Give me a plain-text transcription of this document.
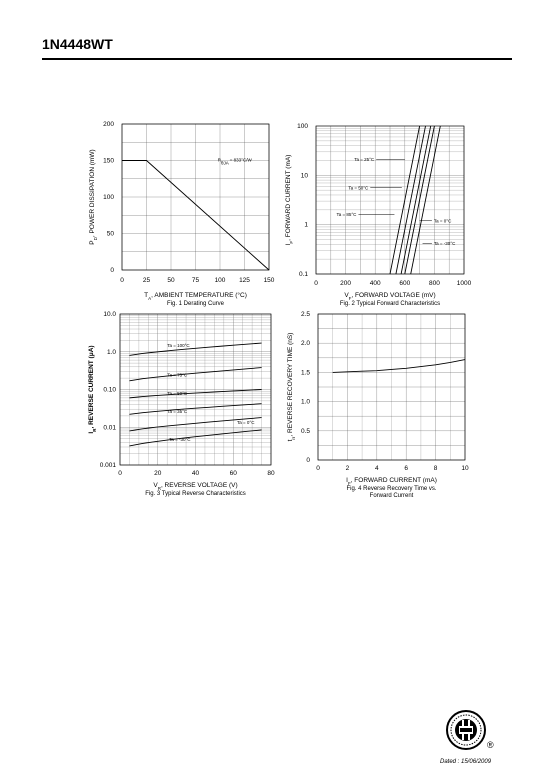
1N4448WT
0	25	50	75 100 125 150
0
50
100
150
200
$R_{\theta JA} = 833^\circ C/W$
$T_A$, AMBIENT TEMPERATURE (°C)
$P_D$, POWER DISSIPATION (mW)
Fig. 1 Derating Curve
0	200	400	600	800	1000
0.1
1
10
100
Ta = 25°C
Ta = 50°C
Ta = 85°C
Ta = 0°C
Ta = -30°C
$V_F$, FORWARD VOLTAGE (mV)
$I_F$, FORWARD CURRENT (mA)
Fig. 2 Typical Forward Characteristics
0	20	40	60	80
0.001
0.01
0.10
1.0
10.0
Ta = 100°C
Ta = 75°C
Ta = 50°C
Ta = 35°C
Ta = 0°C
Ta = -30°C
$V_R$, REVERSE VOLTAGE (V)
$I_R$, REVERSE CURRENT (μA)
Fig. 3 Typical Reverse Characteristics
0	2	4	6	8	10
0
0.5
1.0
1.5
2.0
2.5
$I_F$, FORWARD CURRENT (mA)
$t_{rr}$, REVERSE RECOVERY TIME (nS)
Fig. 4 Reverse Recovery Time vs.
Forward Current
®
Dated : 15/06/2009
